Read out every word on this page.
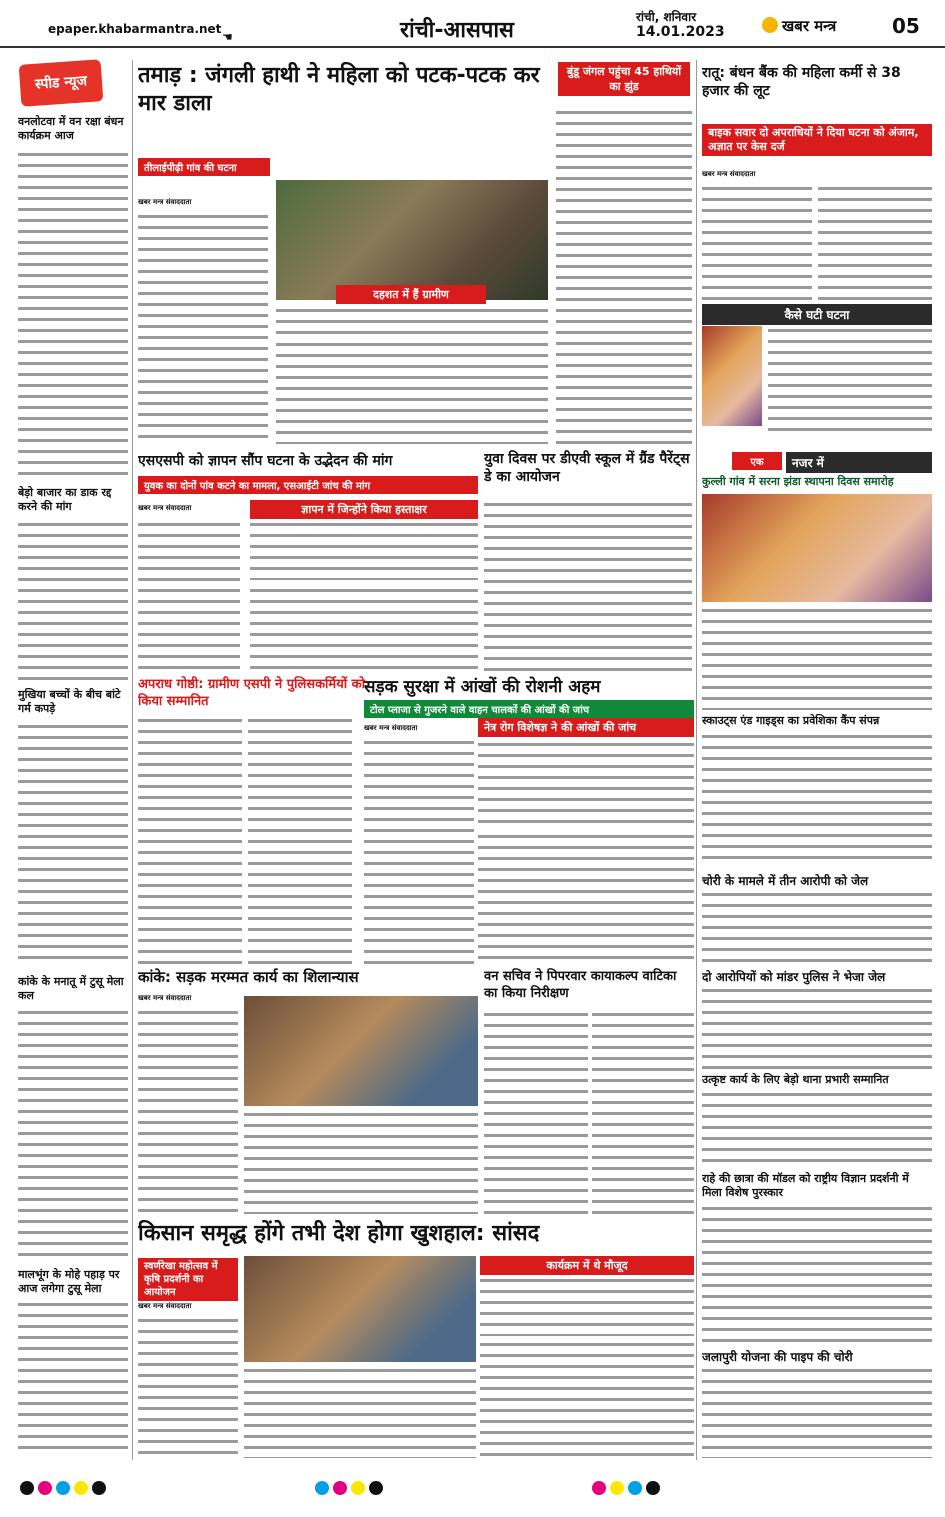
epaper.khabarmantra.net
☚	रांची-आसपास
रांची, शनिवार
14.01.2023	खबर मन्त्र	05
स्पीड न्यूज
वनलोटवा में वन रक्षा बंधन कार्यक्रम आज
बेड़ो बाजार का डाक रद्द करने की मांग
मुखिया बच्चों के बीच बांटे गर्म कपड़े
कांके के मनातू में टुसू मेला कल
मालभूंग के मोहे पहाड़ पर आज लगेगा टुसू मेला
तमाड़ : जंगली हाथी ने महिला को पटक-पटक कर मार डाला
तीलाईपीढ़ी गांव की घटना
खबर मन्त्र संवाददाता
दहशत में हैं ग्रामीण
बुंडू जंगल पहुंचा 45 हाथियों का झुंड
रातू: बंधन बैंक की महिला कर्मी से 38 हजार की लूट
बाइक सवार दो अपराधियों ने दिया घटना को अंजाम, अज्ञात पर केस दर्ज
खबर मन्त्र संवाददाता
कैसे घटी घटना
एसएसपी को ज्ञापन सौंप घटना के उद्भेदन की मांग
युवक का दोनों पांव कटने का मामला, एसआईटी जांच की मांग
खबर मन्त्र संवाददाता	ज्ञापन में जिन्होंने किया हस्ताक्षर
युवा दिवस पर डीएवी स्कूल में ग्रैंड पैरेंट्स डे का आयोजन
एक	नजर में
कुल्ली गांव में सरना झंडा स्थापना दिवस समारोह
स्काउट्स एंड गाइड्स का प्रवेशिका कैंप संपन्न
अपराध गोष्ठी: ग्रामीण एसपी ने पुलिसकर्मियों को किया सम्मानित
सड़क सुरक्षा में आंखों की रोशनी अहम
टोल प्लाजा से गुजरने वाले वाहन चालकों की आंखों की जांच
खबर मन्त्र संवाददाता	नेत्र रोग विशेषज्ञ ने की आंखों की जांच
चोरी के मामले में तीन आरोपी को जेल
दो आरोपियों को मांडर पुलिस ने भेजा जेल
उत्कृष्ट कार्य के लिए बेड़ो थाना प्रभारी सम्मानित
राहे की छात्रा की मॉडल को राष्ट्रीय विज्ञान प्रदर्शनी में मिला विशेष पुरस्कार
जलापुरी योजना की पाइप की चोरी
कांके: सड़क मरम्मत कार्य का शिलान्यास
खबर मन्त्र संवाददाता
वन सचिव ने पिपरवार कायाकल्प वाटिका का किया निरीक्षण
किसान समृद्ध होंगे तभी देश होगा खुशहाल: सांसद
स्वर्णरेखा महोत्सव में कृषि प्रदर्शनी का आयोजन
खबर मन्त्र संवाददाता
कार्यक्रम में थे मौजूद
